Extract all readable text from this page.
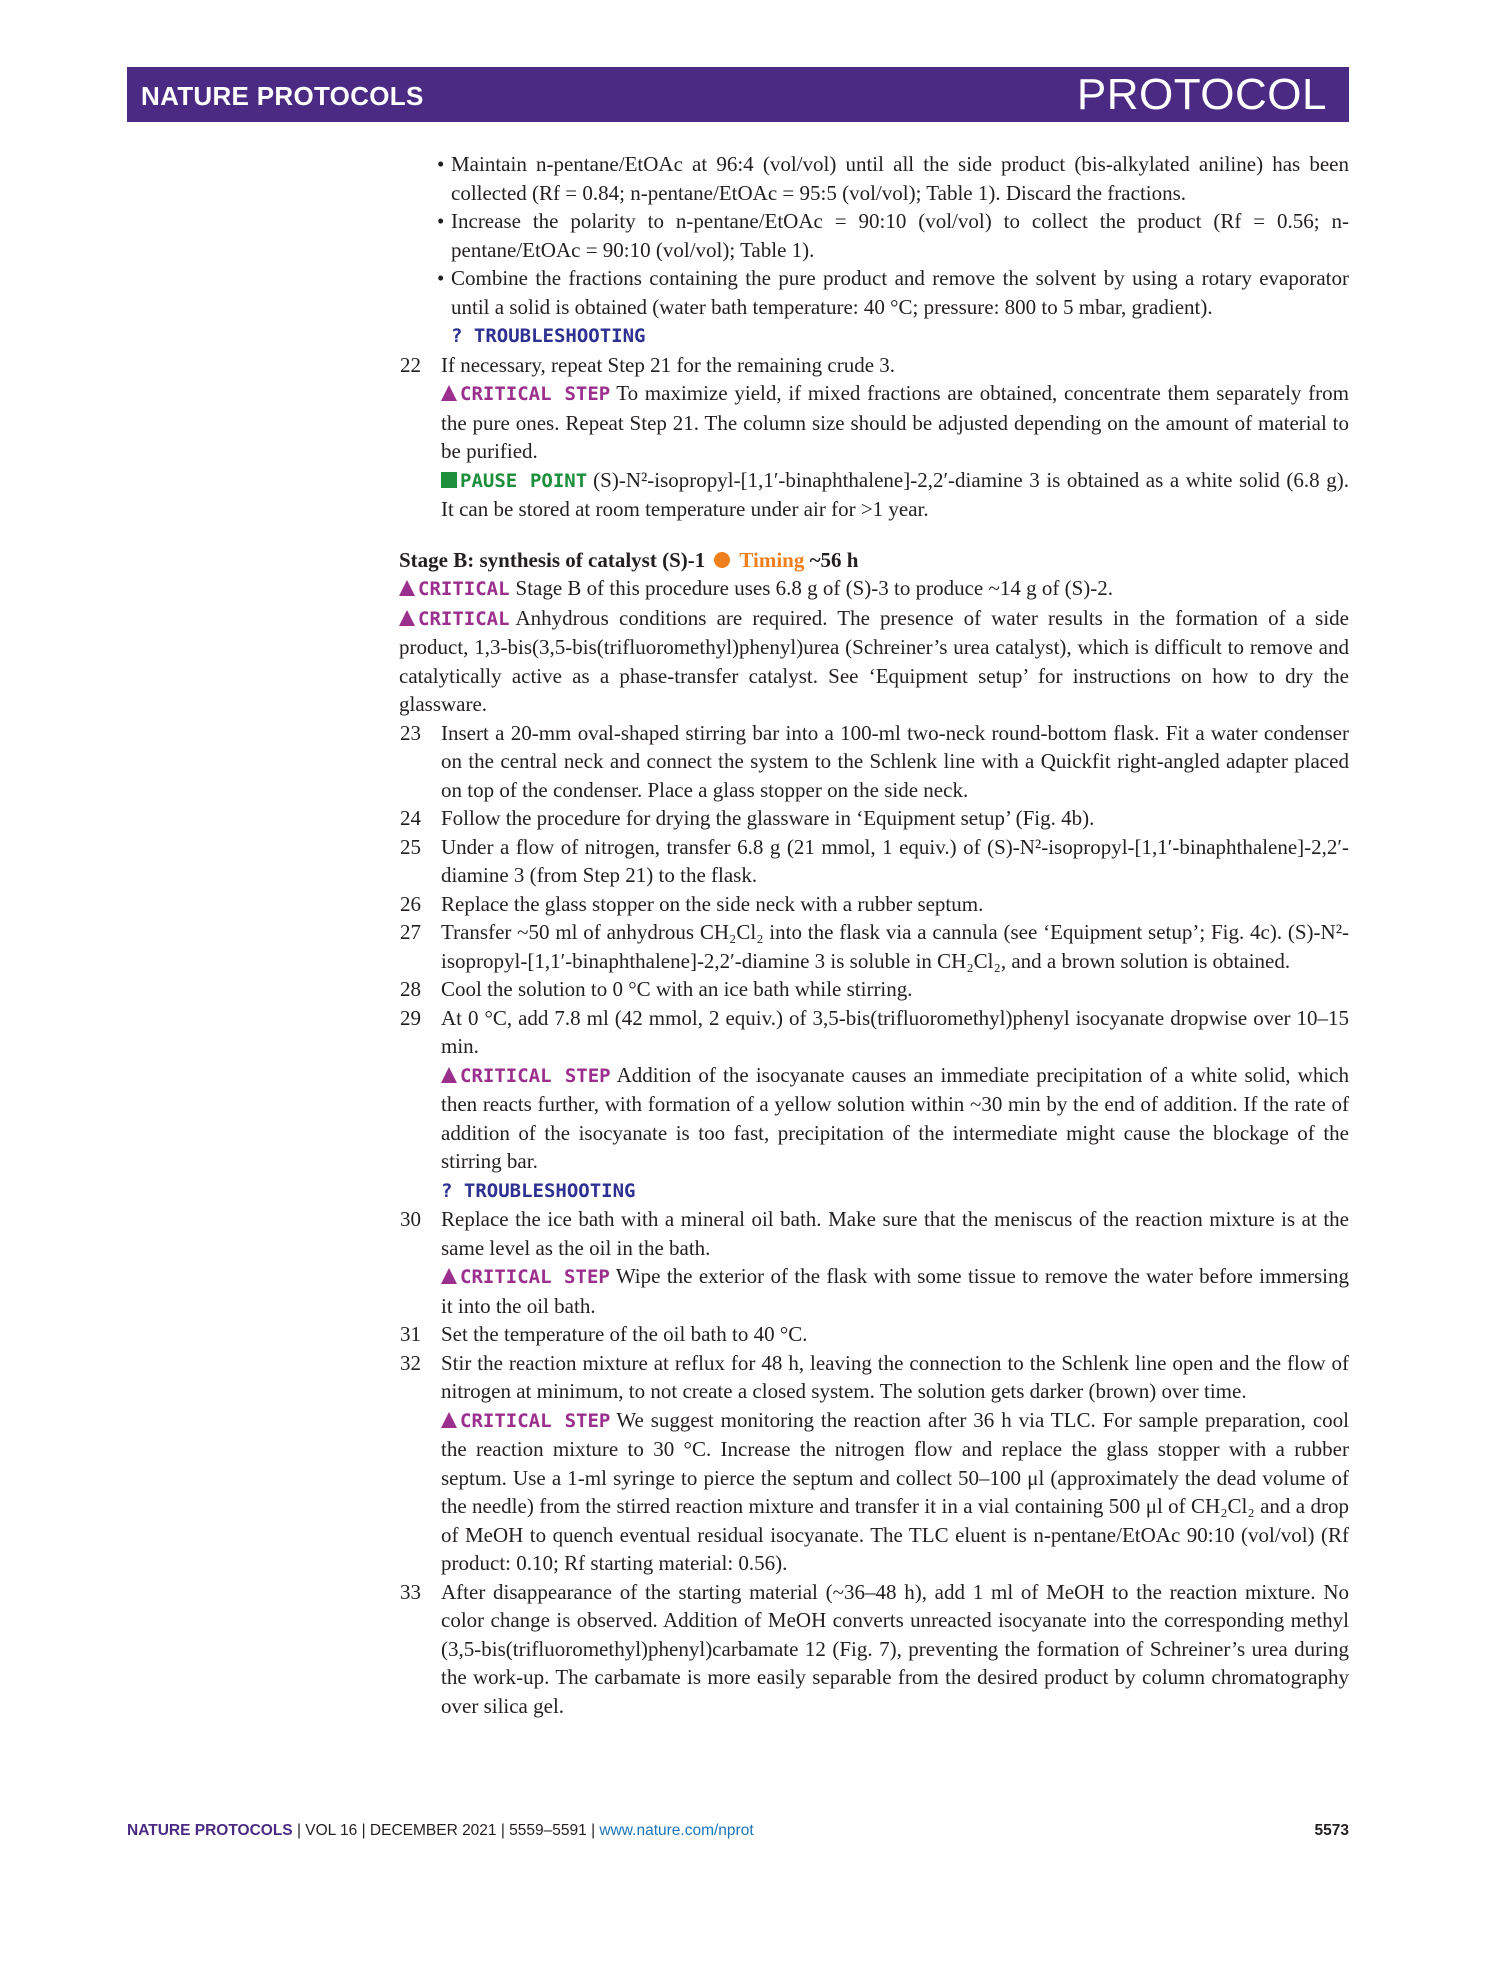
NATURE PROTOCOLS	PROTOCOL
• Maintain n-pentane/EtOAc at 96:4 (vol/vol) until all the side product (bis-alkylated aniline) has been collected (Rf = 0.84; n-pentane/EtOAc = 95:5 (vol/vol); Table 1). Discard the fractions.
• Increase the polarity to n-pentane/EtOAc = 90:10 (vol/vol) to collect the product (Rf = 0.56; n-pentane/EtOAc = 90:10 (vol/vol); Table 1).
• Combine the fractions containing the pure product and remove the solvent by using a rotary evaporator until a solid is obtained (water bath temperature: 40 °C; pressure: 800 to 5 mbar, gradient).
? TROUBLESHOOTING
22 If necessary, repeat Step 21 for the remaining crude 3.
CRITICAL STEP To maximize yield, if mixed fractions are obtained, concentrate them separately from the pure ones. Repeat Step 21. The column size should be adjusted depending on the amount of material to be purified.
PAUSE POINT (S)-N²-isopropyl-[1,1′-binaphthalene]-2,2′-diamine 3 is obtained as a white solid (6.8 g). It can be stored at room temperature under air for >1 year.
Stage B: synthesis of catalyst (S)-1 Timing ~56 h
CRITICAL Stage B of this procedure uses 6.8 g of (S)-3 to produce ~14 g of (S)-2.
CRITICAL Anhydrous conditions are required. The presence of water results in the formation of a side product, 1,3-bis(3,5-bis(trifluoromethyl)phenyl)urea (Schreiner’s urea catalyst), which is difficult to remove and catalytically active as a phase-transfer catalyst. See ‘Equipment setup’ for instructions on how to dry the glassware.
23 Insert a 20-mm oval-shaped stirring bar into a 100-ml two-neck round-bottom flask. Fit a water condenser on the central neck and connect the system to the Schlenk line with a Quickfit right-angled adapter placed on top of the condenser. Place a glass stopper on the side neck.
24 Follow the procedure for drying the glassware in ‘Equipment setup’ (Fig. 4b).
25 Under a flow of nitrogen, transfer 6.8 g (21 mmol, 1 equiv.) of (S)-N²-isopropyl-[1,1′-binaphthalene]-2,2′-diamine 3 (from Step 21) to the flask.
26 Replace the glass stopper on the side neck with a rubber septum.
27 Transfer ~50 ml of anhydrous CH₂Cl₂ into the flask via a cannula (see ‘Equipment setup’; Fig. 4c). (S)-N²-isopropyl-[1,1′-binaphthalene]-2,2′-diamine 3 is soluble in CH₂Cl₂, and a brown solution is obtained.
28 Cool the solution to 0 °C with an ice bath while stirring.
29 At 0 °C, add 7.8 ml (42 mmol, 2 equiv.) of 3,5-bis(trifluoromethyl)phenyl isocyanate dropwise over 10–15 min.
CRITICAL STEP Addition of the isocyanate causes an immediate precipitation of a white solid, which then reacts further, with formation of a yellow solution within ~30 min by the end of addition. If the rate of addition of the isocyanate is too fast, precipitation of the intermediate might cause the blockage of the stirring bar.
? TROUBLESHOOTING
30 Replace the ice bath with a mineral oil bath. Make sure that the meniscus of the reaction mixture is at the same level as the oil in the bath.
CRITICAL STEP Wipe the exterior of the flask with some tissue to remove the water before immersing it into the oil bath.
31 Set the temperature of the oil bath to 40 °C.
32 Stir the reaction mixture at reflux for 48 h, leaving the connection to the Schlenk line open and the flow of nitrogen at minimum, to not create a closed system. The solution gets darker (brown) over time.
CRITICAL STEP We suggest monitoring the reaction after 36 h via TLC. For sample preparation, cool the reaction mixture to 30 °C. Increase the nitrogen flow and replace the glass stopper with a rubber septum. Use a 1-ml syringe to pierce the septum and collect 50–100 μl (approximately the dead volume of the needle) from the stirred reaction mixture and transfer it in a vial containing 500 μl of CH₂Cl₂ and a drop of MeOH to quench eventual residual isocyanate. The TLC eluent is n-pentane/EtOAc 90:10 (vol/vol) (Rf product: 0.10; Rf starting material: 0.56).
33 After disappearance of the starting material (~36–48 h), add 1 ml of MeOH to the reaction mixture. No color change is observed. Addition of MeOH converts unreacted isocyanate into the corresponding methyl (3,5-bis(trifluoromethyl)phenyl)carbamate 12 (Fig. 7), preventing the formation of Schreiner’s urea during the work-up. The carbamate is more easily separable from the desired product by column chromatography over silica gel.
NATURE PROTOCOLS | VOL 16 | DECEMBER 2021 | 5559–5591 | www.nature.com/nprot	5573
